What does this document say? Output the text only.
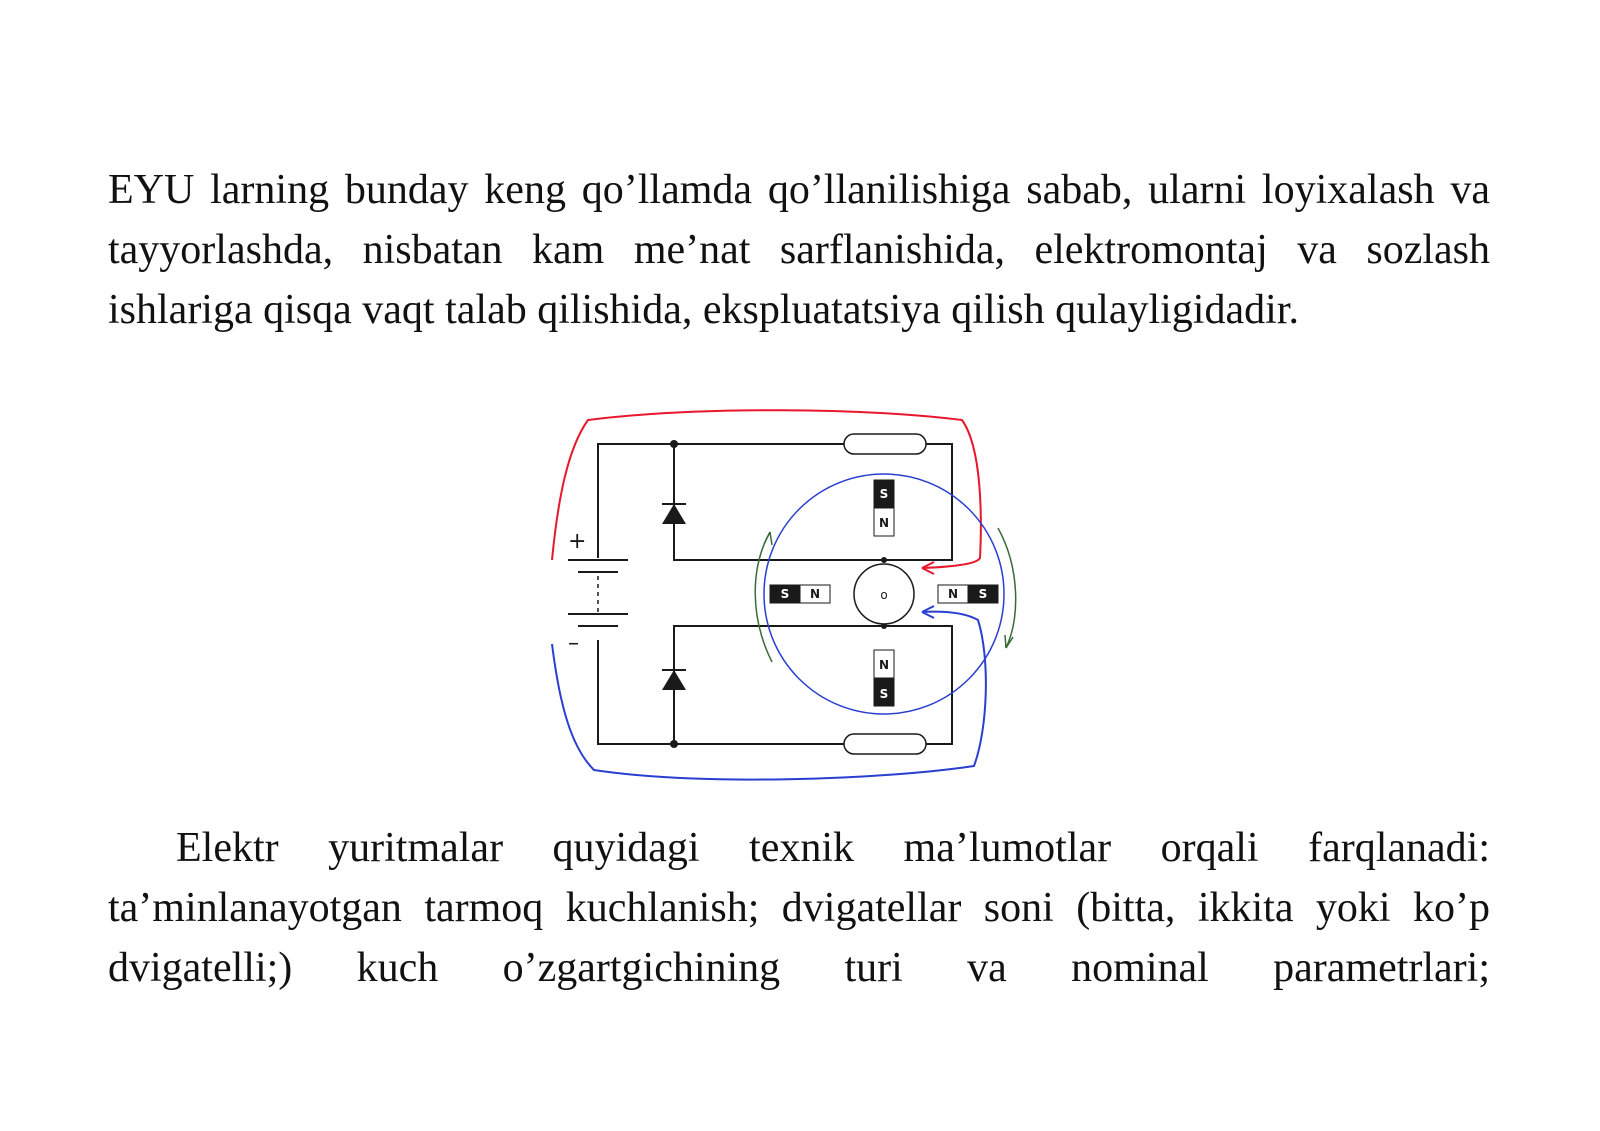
EYU larning bunday keng qo’llamda qo’llanilishiga sabab, ularni loyixalash va tayyorlashda, nisbatan kam me’nat sarflanishida, elektromontaj va sozlash ishlariga qisqa vaqt talab qilishida, ekspluatatsiya qilish qulayligidadir.

+
–
o
S
N
N
S
S N	N S

Elektr yuritmalar quyidagi texnik ma’lumotlar orqali farqlanadi: ta’minlanayotgan tarmoq kuchlanish; dvigatellar soni (bitta, ikkita yoki ko’p dvigatelli;) kuch o’zgartgichining turi va nominal parametrlari;
